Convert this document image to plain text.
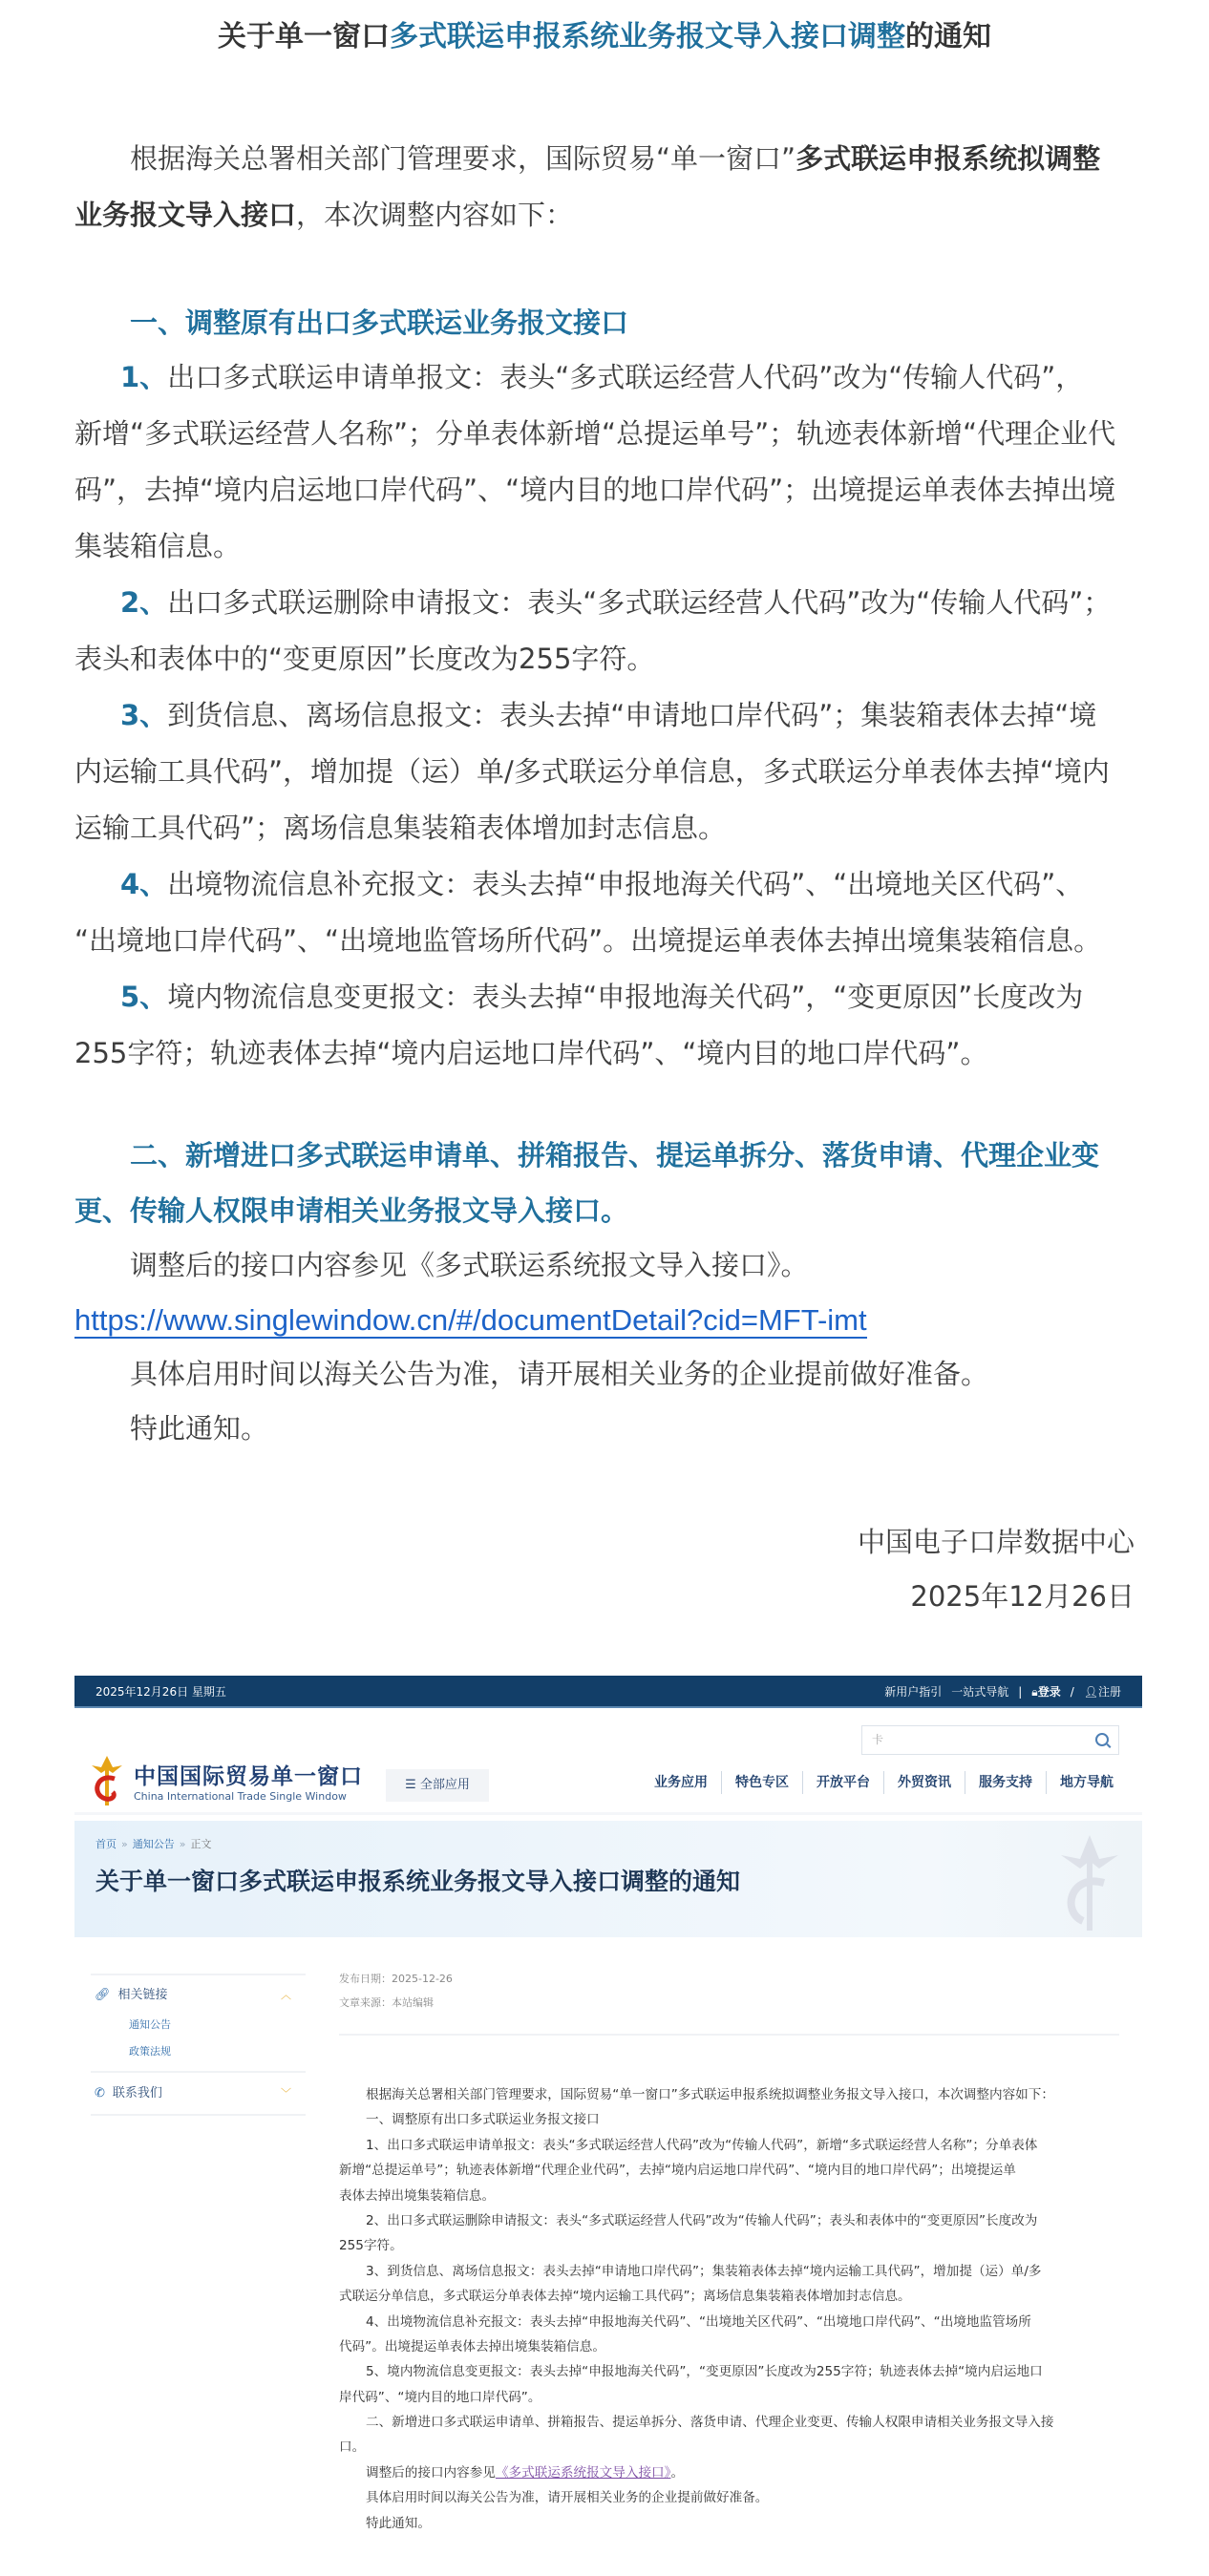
关于单一窗口多式联运申报系统业务报文导入接口调整的通知
根据海关总署相关部门管理要求，国际贸易“单一窗口”多式联运申报系统拟调整
业务报文导入接口，本次调整内容如下：
一、调整原有出口多式联运业务报文接口
1、出口多式联运申请单报文：表头“多式联运经营人代码”改为“传输人代码”，
新增“多式联运经营人名称”；分单表体新增“总提运单号”；轨迹表体新增“代理企业代
码”，去掉“境内启运地口岸代码”、“境内目的地口岸代码”；出境提运单表体去掉出境
集装箱信息。
2、出口多式联运删除申请报文：表头“多式联运经营人代码”改为“传输人代码”；
表头和表体中的“变更原因”长度改为255字符。
3、到货信息、离场信息报文：表头去掉“申请地口岸代码”；集装箱表体去掉“境
内运输工具代码”，增加提（运）单/多式联运分单信息，多式联运分单表体去掉“境内
运输工具代码”；离场信息集装箱表体增加封志信息。
4、出境物流信息补充报文：表头去掉“申报地海关代码”、“出境地关区代码”、
“出境地口岸代码”、“出境地监管场所代码”。出境提运单表体去掉出境集装箱信息。
5、境内物流信息变更报文：表头去掉“申报地海关代码”，“变更原因”长度改为
255字符；轨迹表体去掉“境内启运地口岸代码”、“境内目的地口岸代码”。
二、新增进口多式联运申请单、拼箱报告、提运单拆分、落货申请、代理企业变
更、传输人权限申请相关业务报文导入接口。
调整后的接口内容参见《多式联运系统报文导入接口》。
https://www.singlewindow.cn/#/documentDetail?cid=MFT-imt
具体启用时间以海关公告为准，请开展相关业务的企业提前做好准备。
特此通知。
中国电子口岸数据中心
2025年12月26日
2025年12月26日 星期五	新用户指引 一站式导航 | 🔒︎登录 / 👤︎注册
卡
中国国际贸易单一窗口
China International Trade Single Window
☰ 全部应用	业务应用	特色专区	开放平台	外贸资讯	服务支持	地方导航
首页 » 通知公告 » 正文
关于单一窗口多式联运申报系统业务报文导入接口调整的通知
🔗︎ 相关链接	︿
通知公告
政策法规
✆ 联系我们	﹀
发布日期：2025-12-26
文章来源：本站编辑
根据海关总署相关部门管理要求，国际贸易“单一窗口”多式联运申报系统拟调整业务报文导入接口，本次调整内容如下：
一、调整原有出口多式联运业务报文接口
1、出口多式联运申请单报文：表头“多式联运经营人代码”改为“传输人代码”，新增“多式联运经营人名称”；分单表体
新增“总提运单号”；轨迹表体新增“代理企业代码”，去掉“境内启运地口岸代码”、“境内目的地口岸代码”；出境提运单
表体去掉出境集装箱信息。
2、出口多式联运删除申请报文：表头“多式联运经营人代码”改为“传输人代码”；表头和表体中的“变更原因”长度改为
255字符。
3、到货信息、离场信息报文：表头去掉“申请地口岸代码”；集装箱表体去掉“境内运输工具代码”，增加提（运）单/多
式联运分单信息，多式联运分单表体去掉“境内运输工具代码”；离场信息集装箱表体增加封志信息。
4、出境物流信息补充报文：表头去掉“申报地海关代码”、“出境地关区代码”、“出境地口岸代码”、“出境地监管场所
代码”。出境提运单表体去掉出境集装箱信息。
5、境内物流信息变更报文：表头去掉“申报地海关代码”，“变更原因”长度改为255字符；轨迹表体去掉“境内启运地口
岸代码”、“境内目的地口岸代码”。
二、新增进口多式联运申请单、拼箱报告、提运单拆分、落货申请、代理企业变更、传输人权限申请相关业务报文导入接
口。
调整后的接口内容参见《多式联运系统报文导入接口》。
具体启用时间以海关公告为准，请开展相关业务的企业提前做好准备。
特此通知。
